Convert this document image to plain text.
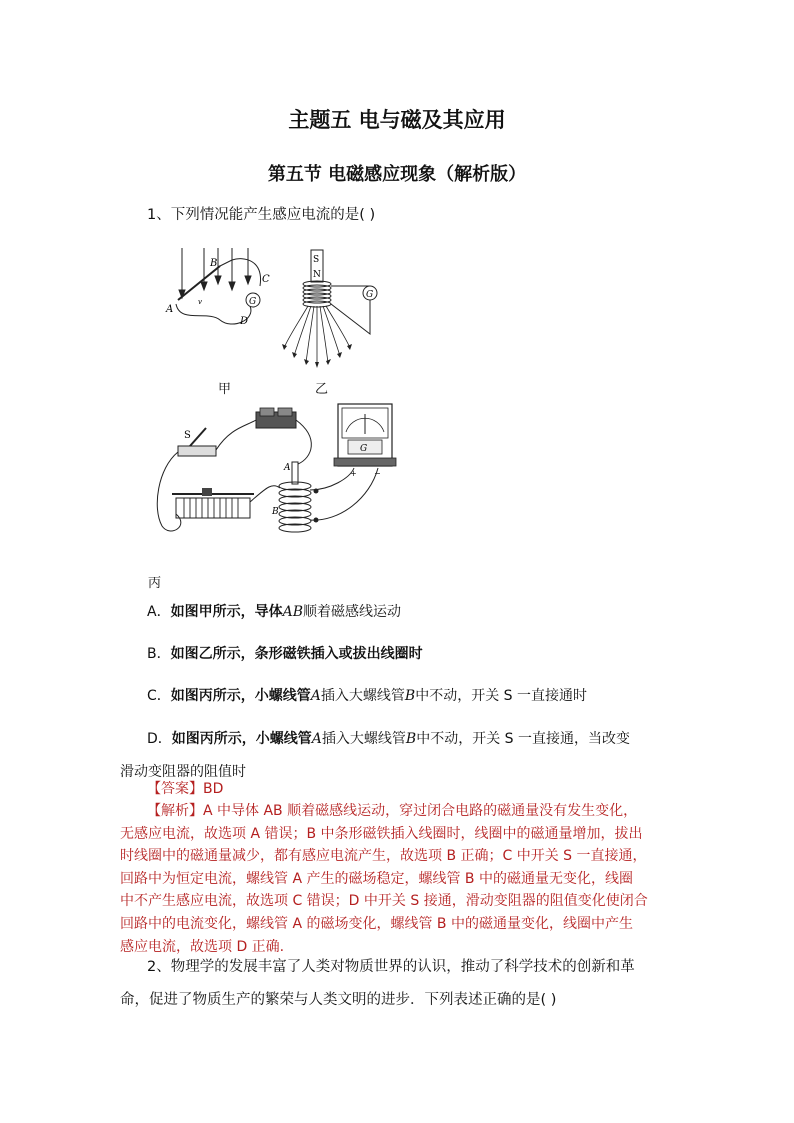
主题五 电与磁及其应用
第五节 电磁感应现象（解析版）
1、下列情况能产生感应电流的是( )
G
A
B
C
D
v
S
N
G
甲	乙
S
G
+ −
A
B
丙
A．如图甲所示，导体AB顺着磁感线运动
B．如图乙所示，条形磁铁插入或拔出线圈时
C．如图丙所示，小螺线管A插入大螺线管B中不动，开关 S 一直接通时
D．如图丙所示，小螺线管A插入大螺线管B中不动，开关 S 一直接通，当改变
滑动变阻器的阻值时
【答案】BD
【解析】A 中导体 AB 顺着磁感线运动，穿过闭合电路的磁通量没有发生变化，
无感应电流，故选项 A 错误；B 中条形磁铁插入线圈时，线圈中的磁通量增加，拔出
时线圈中的磁通量减少，都有感应电流产生，故选项 B 正确；C 中开关 S 一直接通，
回路中为恒定电流，螺线管 A 产生的磁场稳定，螺线管 B 中的磁通量无变化，线圈
中不产生感应电流，故选项 C 错误；D 中开关 S 接通，滑动变阻器的阻值变化使闭合
回路中的电流变化，螺线管 A 的磁场变化，螺线管 B 中的磁通量变化，线圈中产生
感应电流，故选项 D 正确.
2、物理学的发展丰富了人类对物质世界的认识，推动了科学技术的创新和革
命，促进了物质生产的繁荣与人类文明的进步．下列表述正确的是( )
